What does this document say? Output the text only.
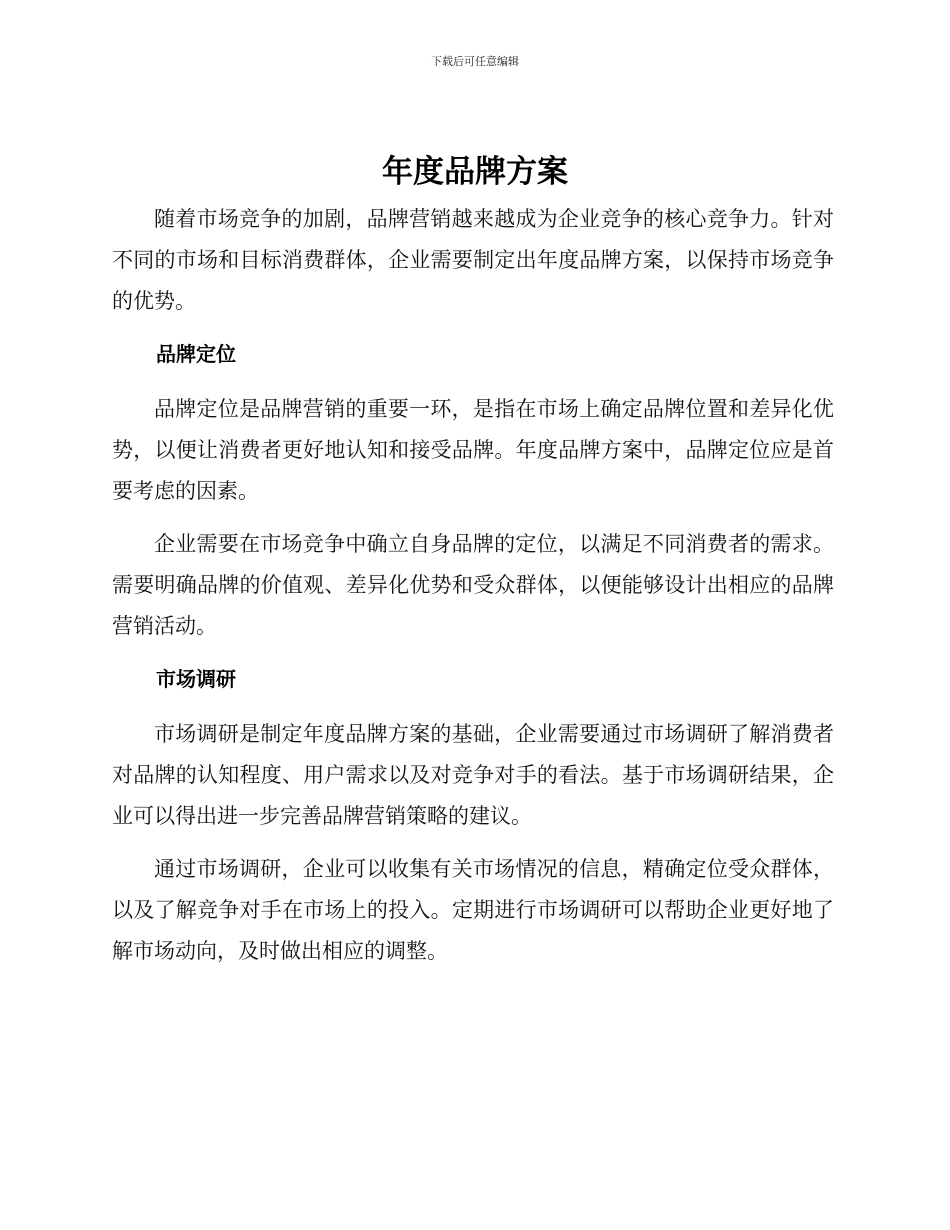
下载后可任意编辑
年度品牌方案

随着市场竞争的加剧，品牌营销越来越成为企业竞争的核心竞争力。针对不同的市场和目标消费群体，企业需要制定出年度品牌方案，以保持市场竞争的优势。

品牌定位

品牌定位是品牌营销的重要一环，是指在市场上确定品牌位置和差异化优势，以便让消费者更好地认知和接受品牌。年度品牌方案中，品牌定位应是首要考虑的因素。

企业需要在市场竞争中确立自身品牌的定位，以满足不同消费者的需求。需要明确品牌的价值观、差异化优势和受众群体，以便能够设计出相应的品牌营销活动。

市场调研

市场调研是制定年度品牌方案的基础，企业需要通过市场调研了解消费者对品牌的认知程度、用户需求以及对竞争对手的看法。基于市场调研结果，企业可以得出进一步完善品牌营销策略的建议。

通过市场调研，企业可以收集有关市场情况的信息，精确定位受众群体，以及了解竞争对手在市场上的投入。定期进行市场调研可以帮助企业更好地了解市场动向，及时做出相应的调整。
